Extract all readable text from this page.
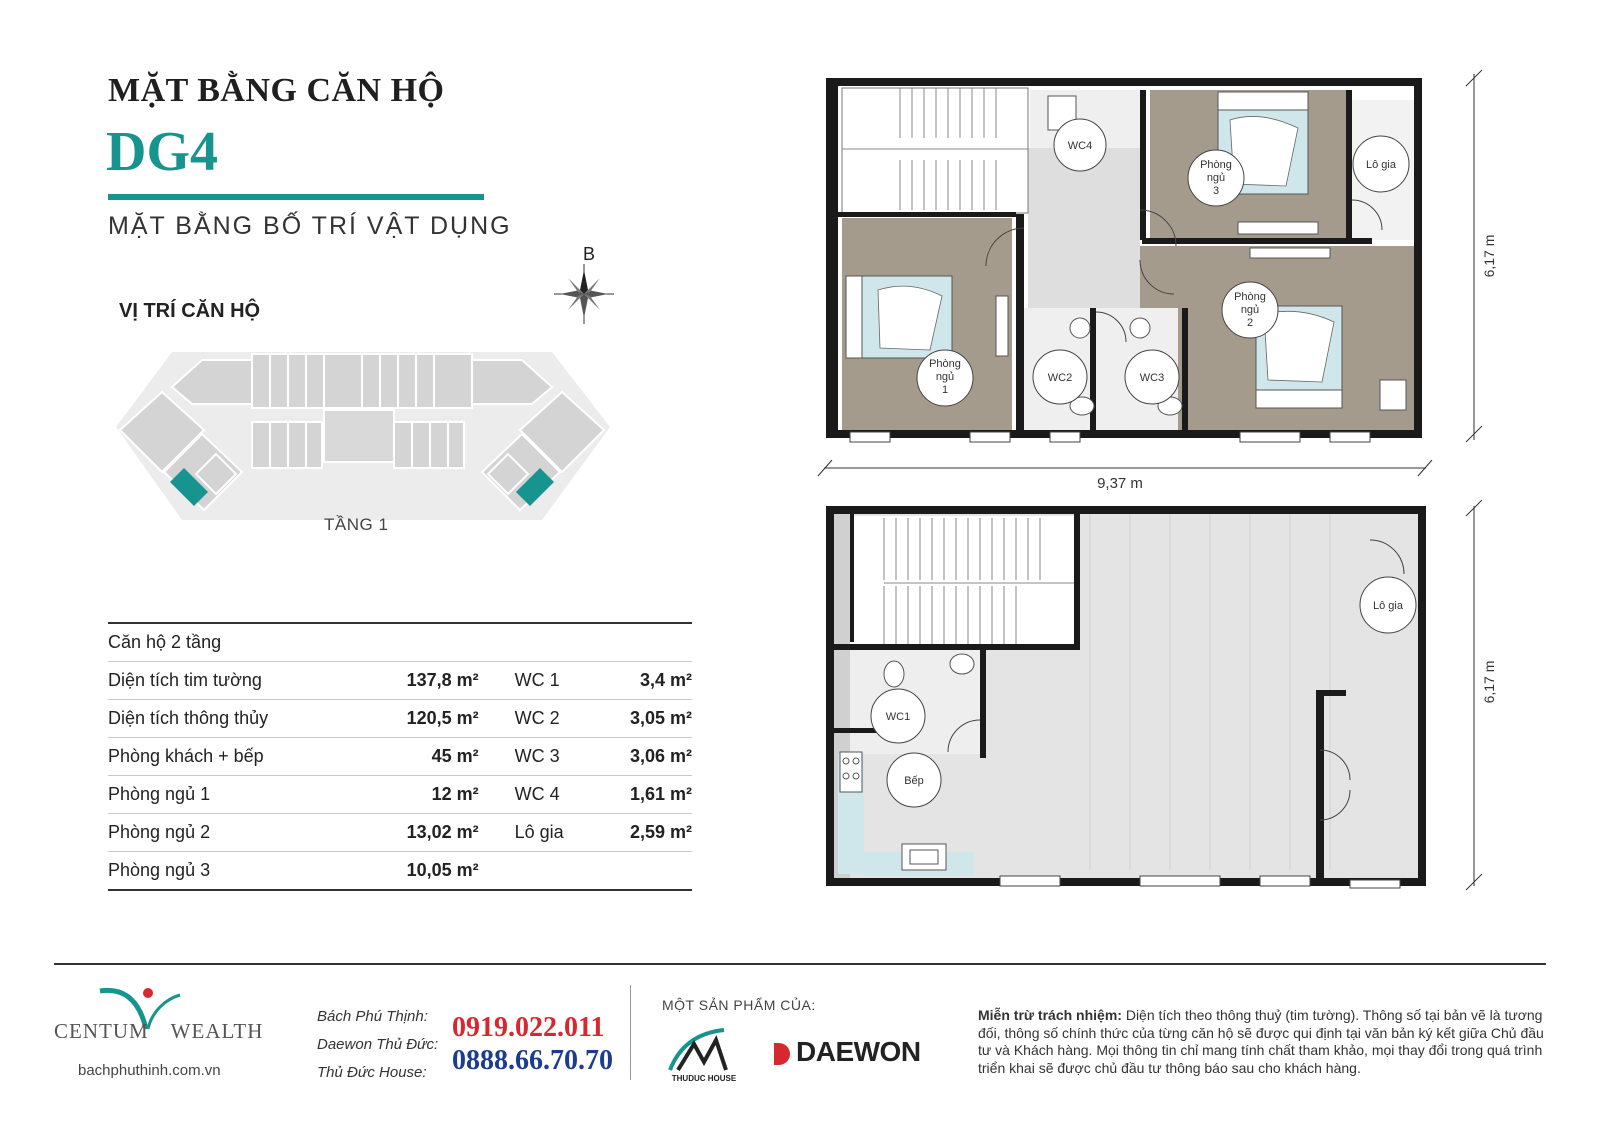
MẶT BẰNG CĂN HỘ
DG4
MẶT BẰNG BỐ TRÍ VẬT DỤNG
VỊ TRÍ CĂN HỘ
B
TẦNG 1
Căn hộ 2 tầng				
Diện tích tim tường	137,8 m²		WC 1	3,4 m²
Diện tích thông thủy	120,5 m²		WC 2	3,05 m²
Phòng khách + bếp	45 m²		WC 3	3,06 m²
Phòng ngủ 1	12 m²		WC 4	1,61 m²
Phòng ngủ 2	13,02 m²		Lô gia	2,59 m²
Phòng ngủ 3	10,05 m²			
WC4
Phòng
ngủ
3
Lô gia
Phòng
ngủ
1
Phòng
ngủ
2
WC2	WC3
6,17 m
9,37 m
Lô gia
WC1
Bếp
6,17 m
CENTUM WEALTH
bachphuthinh.com.vn
Bách Phú Thịnh:
Daewon Thủ Đức:
Thủ Đức House:
0919.022.011
0888.66.70.70
MỘT SẢN PHẨM CỦA:
THUDUC HOUSE
DAEWON
Miễn trừ trách nhiệm: Diện tích theo thông thuỷ (tim tường). Thông số tại bản vẽ là tương đối, thông số chính thức của từng căn hộ sẽ được qui định tại văn bản ký kết giữa Chủ đầu tư và Khách hàng. Mọi thông tin chỉ mang tính chất tham khảo, mọi thay đổi trong quá trình triển khai sẽ được chủ đầu tư thông báo sau cho khách hàng.
